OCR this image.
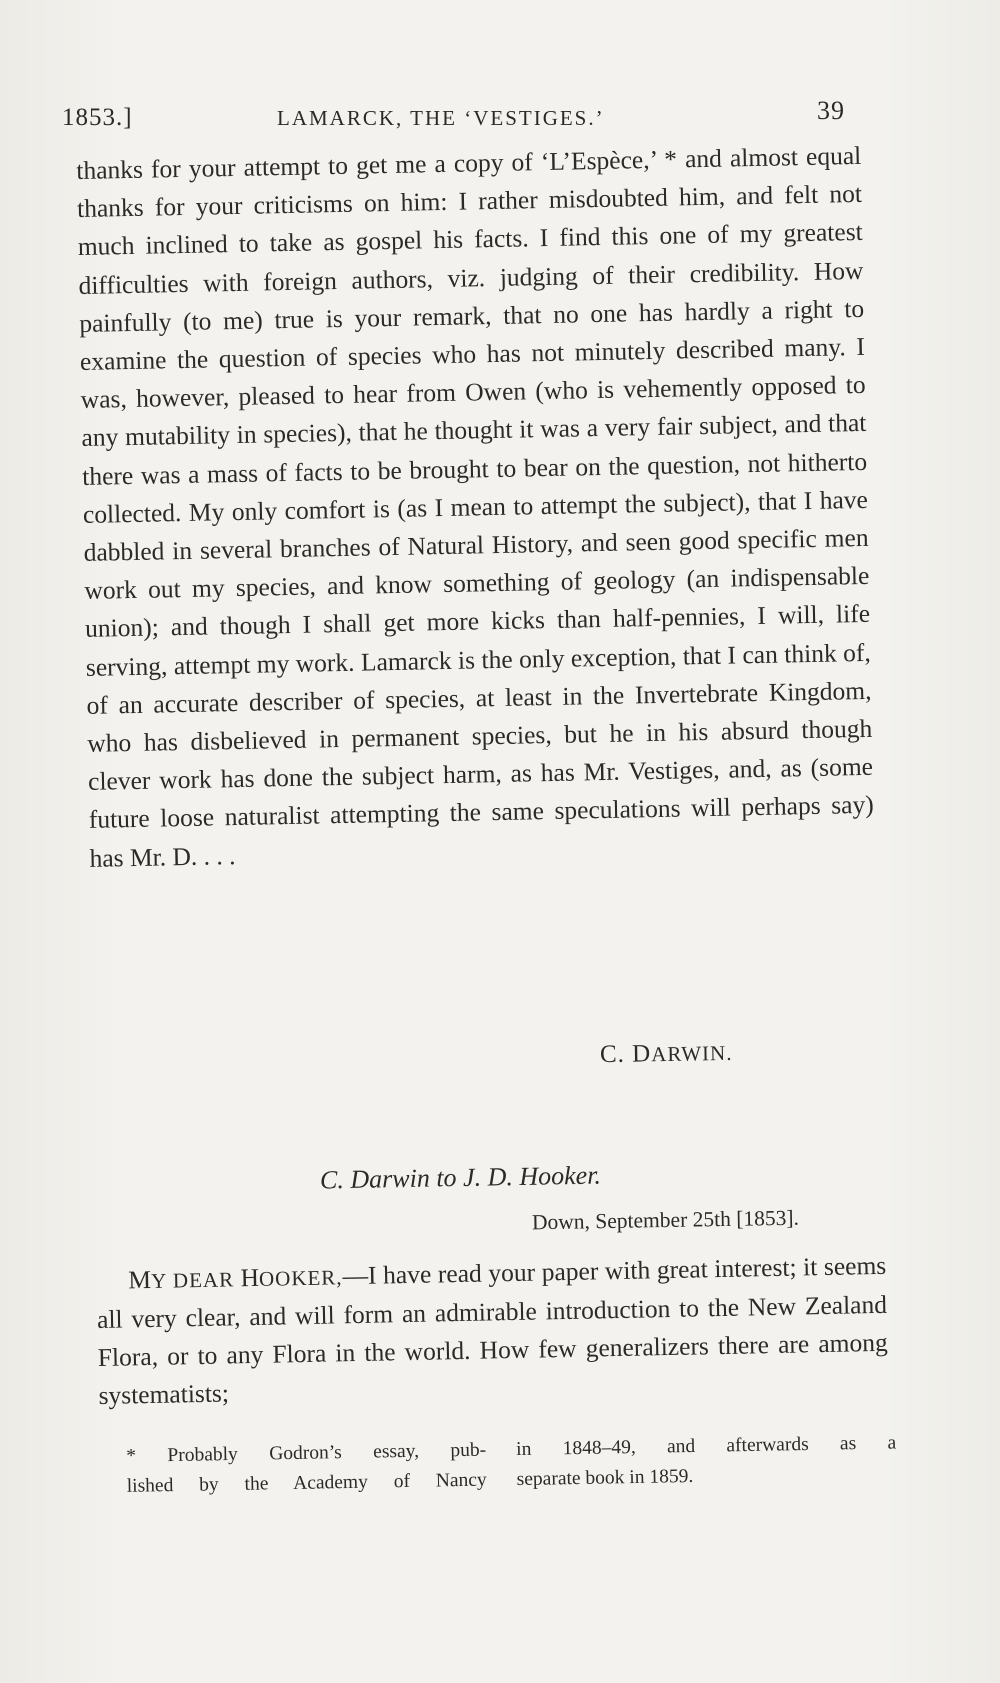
1853.]	LAMARCK, THE ‘VESTIGES.’	39

thanks for your attempt to get me a copy of ‘L’Espèce,’ * and almost equal thanks for your criticisms on him: I rather misdoubted him, and felt not much inclined to take as gospel his facts. I find this one of my greatest difficulties with foreign authors, viz. judging of their credibility. How painfully (to me) true is your remark, that no one has hardly a right to examine the question of species who has not minutely described many. I was, however, pleased to hear from Owen (who is vehemently opposed to any mutability in species), that he thought it was a very fair subject, and that there was a mass of facts to be brought to bear on the question, not hitherto collected. My only comfort is (as I mean to attempt the subject), that I have dabbled in several branches of Natural History, and seen good specific men work out my species, and know something of geology (an indispensable union); and though I shall get more kicks than half-pennies, I will, life serving, attempt my work. Lamarck is the only exception, that I can think of, of an accurate describer of species, at least in the Invertebrate Kingdom, who has disbelieved in permanent species, but he in his absurd though clever work has done the subject harm, as has Mr. Vestiges, and, as (some future loose naturalist attempting the same speculations will perhaps say) has Mr. D. . . .

C. DARWIN.
C. Darwin to J. D. Hooker.
Down, September 25th [1853].

MY DEAR HOOKER,—I have read your paper with great interest; it seems all very clear, and will form an admirable introduction to the New Zealand Flora, or to any Flora in the world. How few generalizers there are among systematists;

* Probably Godron’s essay, pub-
lished by the Academy of Nancy
in 1848–49, and afterwards as a
separate book in 1859.
